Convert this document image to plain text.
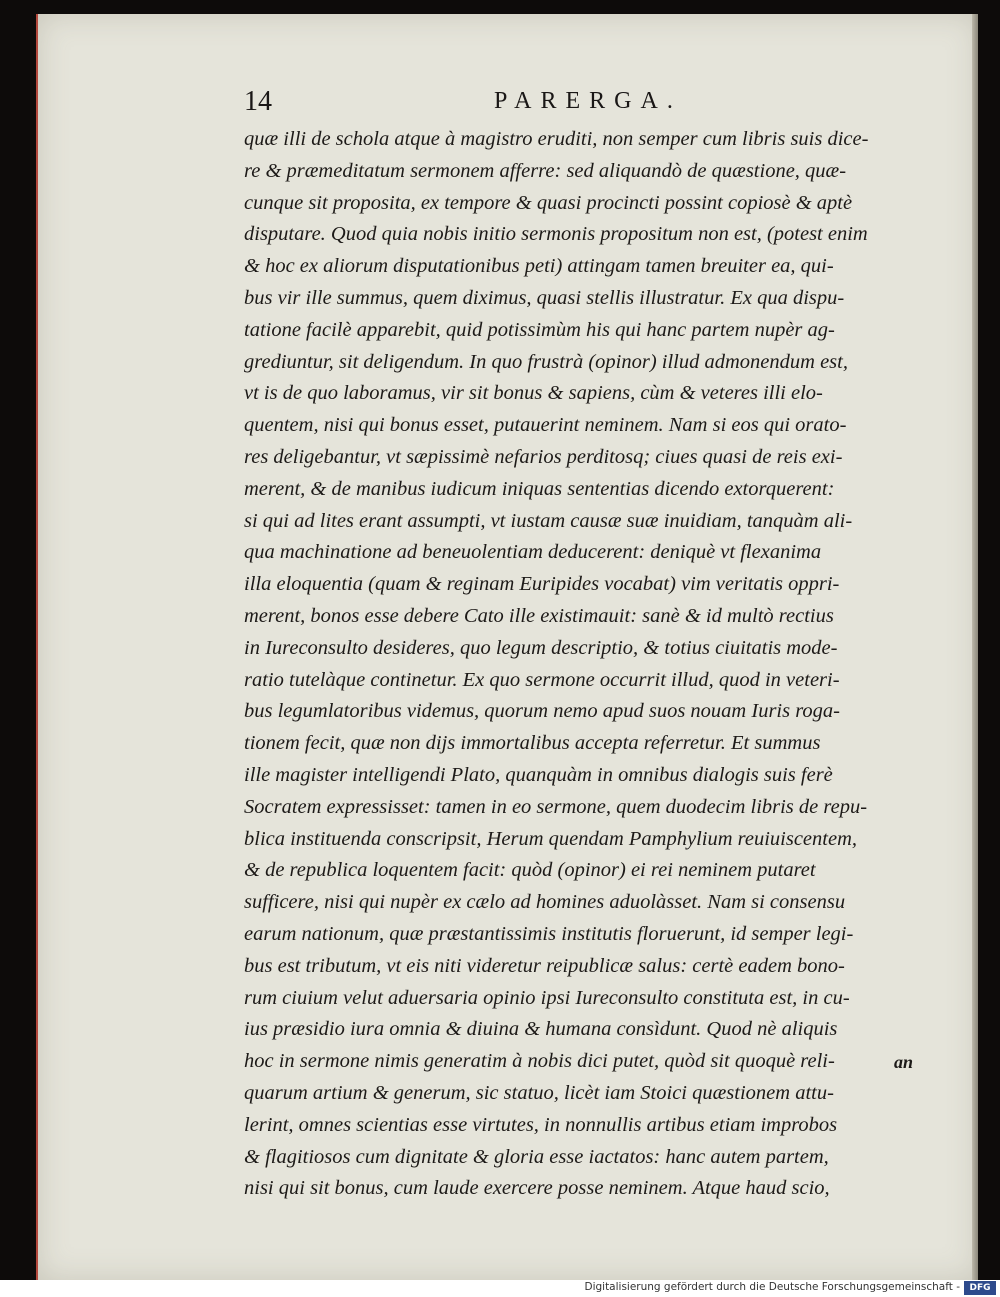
14	PARERGA.
quæ illi de schola atque à magistro eruditi, non semper cum libris suis dice-
re & præmeditatum sermonem afferre: sed aliquandò de quæstione, quæ-
cunque sit proposita, ex tempore & quasi procincti possint copiosè & aptè
disputare. Quod quia nobis initio sermonis propositum non est, (potest enim
& hoc ex aliorum disputationibus peti) attingam tamen breuiter ea, qui-
bus vir ille summus, quem diximus, quasi stellis illustratur. Ex qua dispu-
tatione facilè apparebit, quid potissimùm his qui hanc partem nupèr ag-
grediuntur, sit deligendum. In quo frustrà (opinor) illud admonendum est,
vt is de quo laboramus, vir sit bonus & sapiens, cùm & veteres illi elo-
quentem, nisi qui bonus esset, putauerint neminem. Nam si eos qui orato-
res deligebantur, vt sæpissimè nefarios perditosq; ciues quasi de reis exi-
merent, & de manibus iudicum iniquas sententias dicendo extorquerent:
si qui ad lites erant assumpti, vt iustam causæ suæ inuidiam, tanquàm ali-
qua machinatione ad beneuolentiam deducerent: deniquè vt flexanima
illa eloquentia (quam & reginam Euripides vocabat) vim veritatis oppri-
merent, bonos esse debere Cato ille existimauit: sanè & id multò rectius
in Iureconsulto desideres, quo legum descriptio, & totius ciuitatis mode-
ratio tutelàque continetur. Ex quo sermone occurrit illud, quod in veteri-
bus legumlatoribus videmus, quorum nemo apud suos nouam Iuris roga-
tionem fecit, quæ non dijs immortalibus accepta referretur. Et summus
ille magister intelligendi Plato, quanquàm in omnibus dialogis suis ferè
Socratem expressisset: tamen in eo sermone, quem duodecim libris de repu-
blica instituenda conscripsit, Herum quendam Pamphylium reuiuiscentem,
& de republica loquentem facit: quòd (opinor) ei rei neminem putaret
sufficere, nisi qui nupèr ex cælo ad homines aduolàsset. Nam si consensu
earum nationum, quæ præstantissimis institutis floruerunt, id semper legi-
bus est tributum, vt eis niti videretur reipublicæ salus: certè eadem bono-
rum ciuium velut aduersaria opinio ipsi Iureconsulto constituta est, in cu-
ius præsidio iura omnia & diuina & humana consìdunt. Quod nè aliquis
hoc in sermone nimis generatim à nobis dici putet, quòd sit quoquè reli-
quarum artium & generum, sic statuo, licèt iam Stoici quæstionem attu-
lerint, omnes scientias esse virtutes, in nonnullis artibus etiam improbos
& flagitiosos cum dignitate & gloria esse iactatos: hanc autem partem,
nisi qui sit bonus, cum laude exercere posse neminem. Atque haud scio,
an
Digitalisierung gefördert durch die Deutsche Forschungsgemeinschaft -	DFG
